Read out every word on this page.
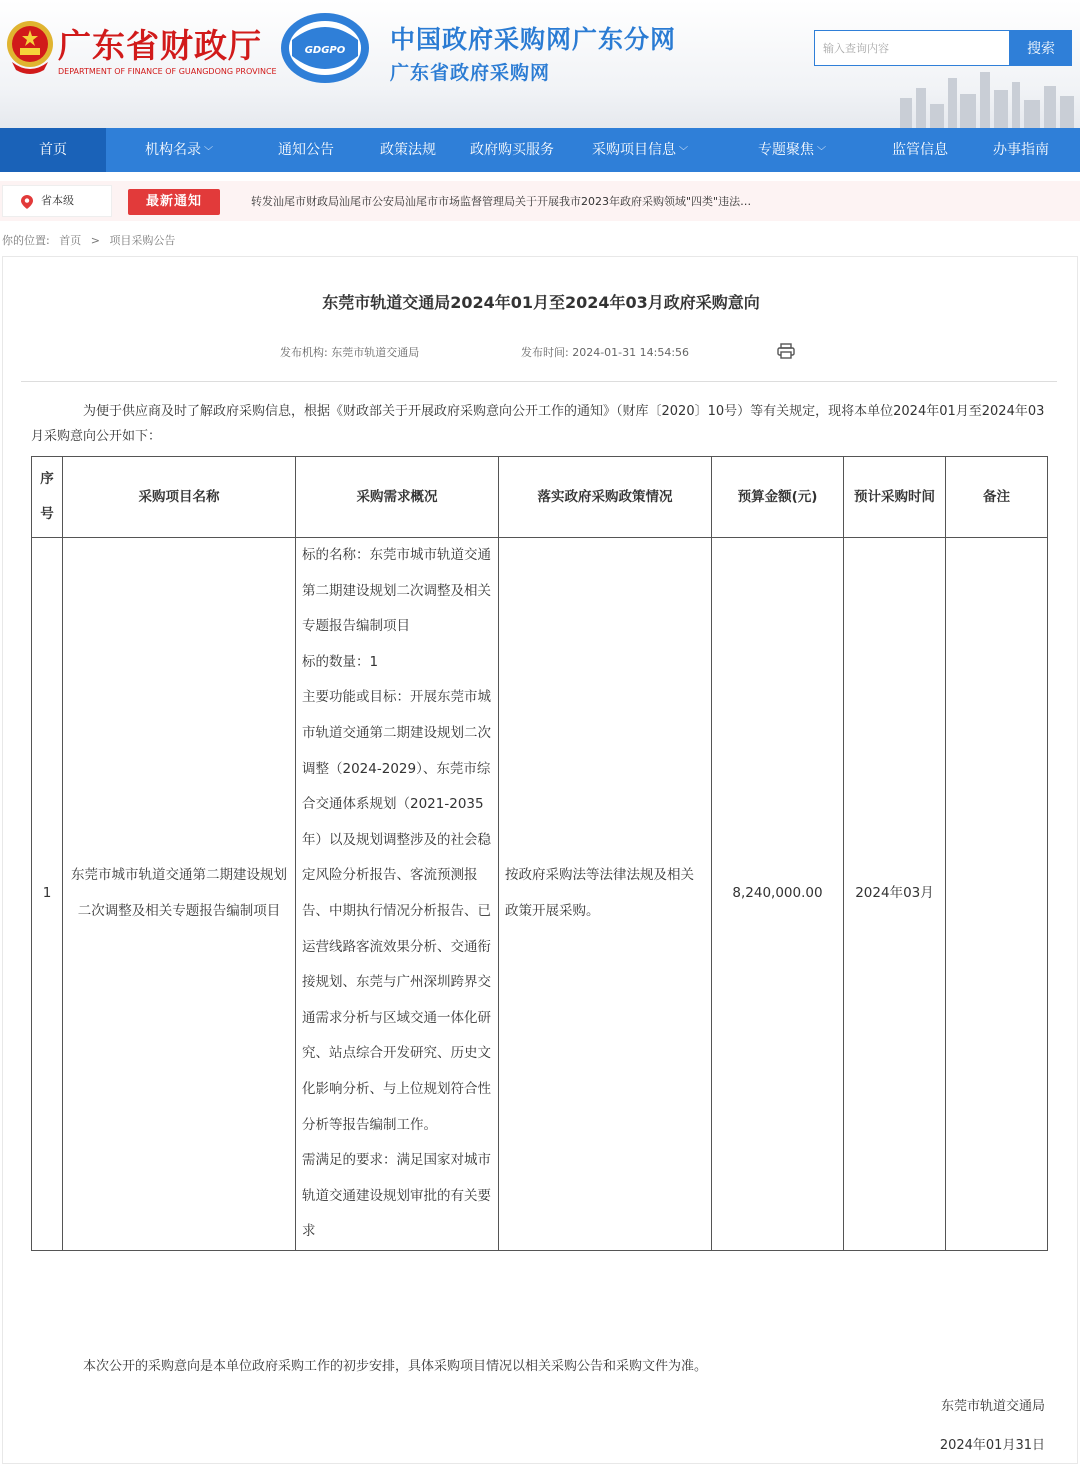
广东省财政厅
DEPARTMENT OF FINANCE OF GUANGDONG PROVINCE
GDGPO 中国政府采购网广东分网
广东省政府采购网
输入查询内容
搜索
首页	机构名录 ﹀	通知公告	政策法规	政府购买服务	采购项目信息 ﹀	专题聚焦 ﹀	监管信息	办事指南
省本级	最新通知	转发汕尾市财政局汕尾市公安局汕尾市市场监督管理局关于开展我市2023年政府采购领域"四类"违法…
你的位置: 首页 > 项目采购公告
东莞市轨道交通局2024年01月至2024年03月政府采购意向
发布机构: 东莞市轨道交通局	发布时间: 2024-01-31 14:54:56

为便于供应商及时了解政府采购信息，根据《财政部关于开展政府采购意向公开工作的通知》（财库〔2020〕10号）等有关规定，现将本单位2024年01月至2024年03月采购意向公开如下：

序号	采购项目名称	采购需求概况	落实政府采购政策情况	预算金额(元)	预计采购时间	备注
1	东莞市城市轨道交通第二期建设规划二次调整及相关专题报告编制项目	标的名称：东莞市城市轨道交通第二期建设规划二次调整及相关专题报告编制项目
标的数量：1
主要功能或目标：开展东莞市城市轨道交通第二期建设规划二次调整（2024-2029）、东莞市综合交通体系规划（2021-2035年）以及规划调整涉及的社会稳定风险分析报告、客流预测报告、中期执行情况分析报告、已运营线路客流效果分析、交通衔接规划、东莞与广州深圳跨界交通需求分析与区域交通一体化研究、站点综合开发研究、历史文化影响分析、与上位规划符合性分析等报告编制工作。
需满足的要求：满足国家对城市轨道交通建设规划审批的有关要求	按政府采购法等法律法规及相关政策开展采购。	8,240,000.00	2024年03月	
本次公开的采购意向是本单位政府采购工作的初步安排，具体采购项目情况以相关采购公告和采购文件为准。
东莞市轨道交通局
2024年01月31日
